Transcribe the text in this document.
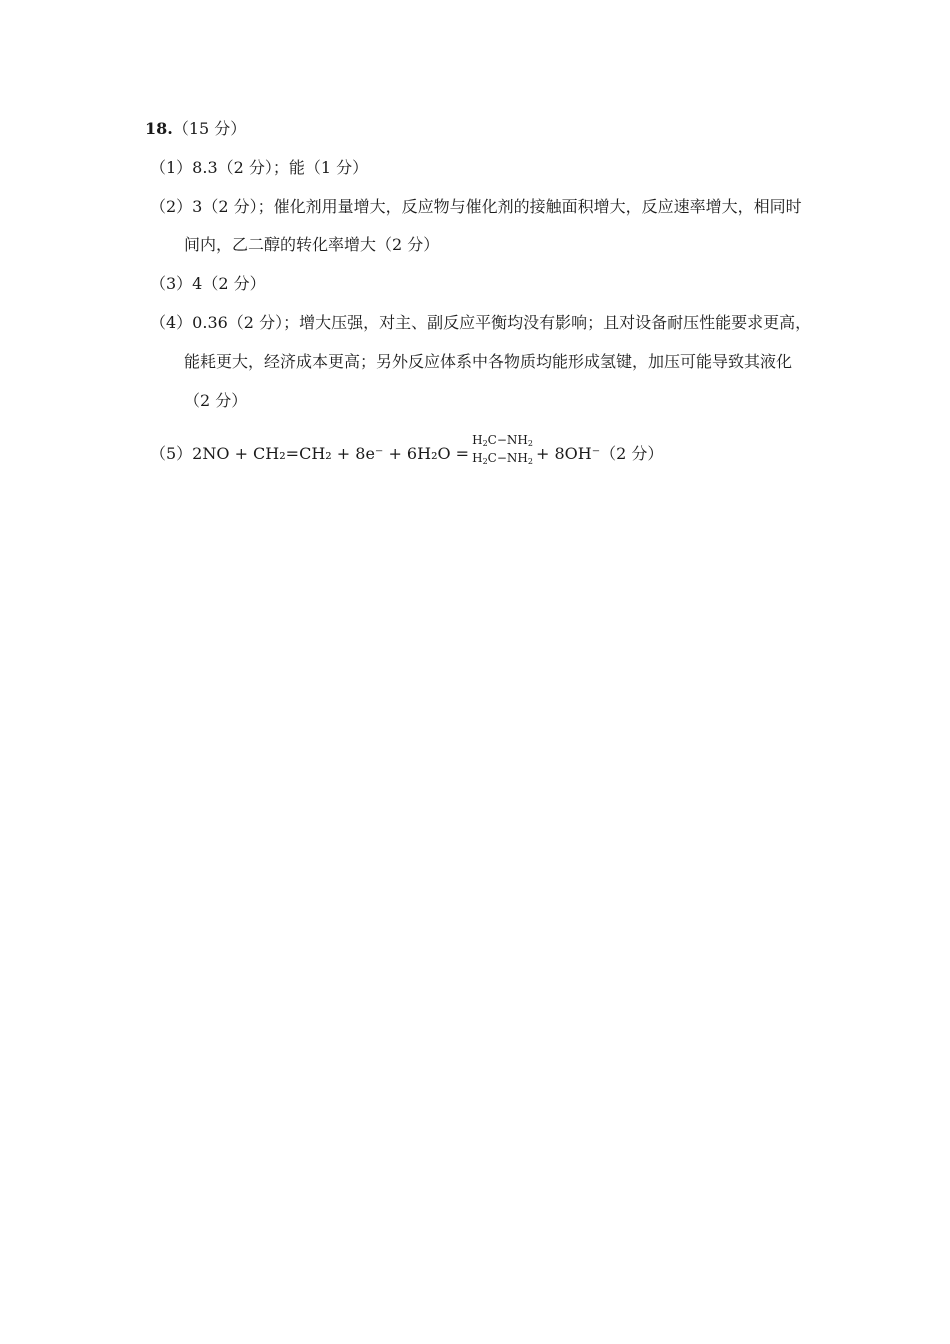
18.（15 分）
（1）8.3（2 分）；能（1 分）
（2）3（2 分）；催化剂用量增大，反应物与催化剂的接触面积增大，反应速率增大，相同时
间内，乙二醇的转化率增大（2 分）
（3）4（2 分）
（4）0.36（2 分）；增大压强，对主、副反应平衡均没有影响；且对设备耐压性能要求更高，
能耗更大，经济成本更高；另外反应体系中各物质均能形成氢键，加压可能导致其液化
（2 分）
（5）2NO + CH₂=CH₂ + 8e⁻ + 6H₂O =
$H_2C-NH_2$
$H_2C-NH_2 + 8OH^-(2$ 分）
